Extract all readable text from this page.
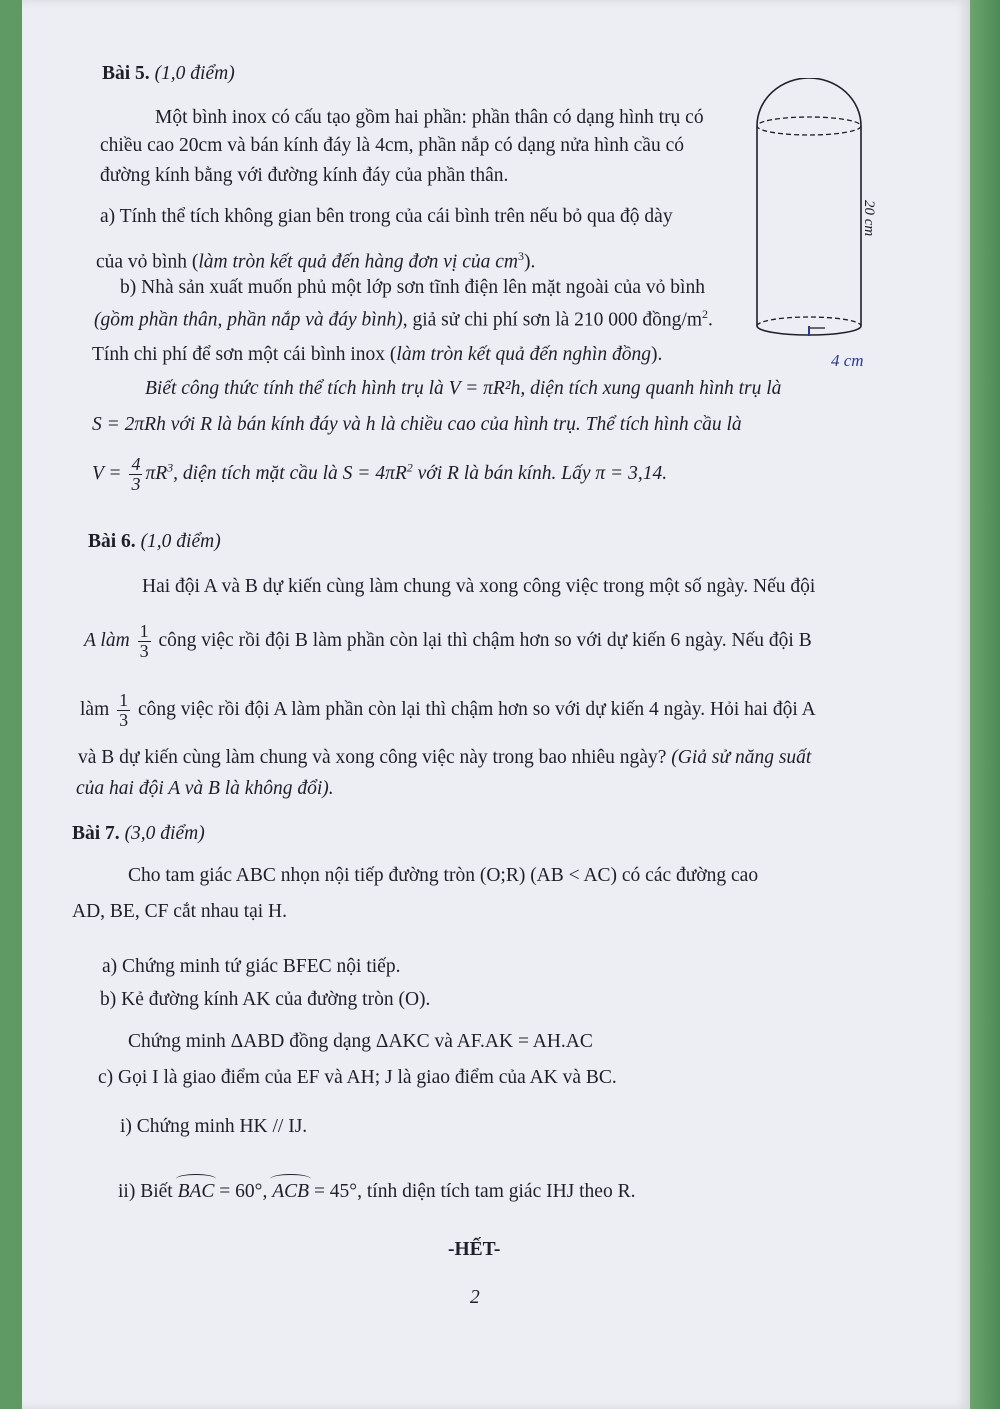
Bài 5. (1,0 điểm)
Một bình inox có cấu tạo gồm hai phần: phần thân có dạng hình trụ có
chiều cao 20cm và bán kính đáy là 4cm, phần nắp có dạng nửa hình cầu có
đường kính bằng với đường kính đáy của phần thân.
a) Tính thể tích không gian bên trong của cái bình trên nếu bỏ qua độ dày
của vỏ bình (làm tròn kết quả đến hàng đơn vị của $cm^3$).
b) Nhà sản xuất muốn phủ một lớp sơn tĩnh điện lên mặt ngoài của vỏ bình
(gồm phần thân, phần nắp và đáy bình), giả sử chi phí sơn là 210 000 đồng/$m^2$.
Tính chi phí để sơn một cái bình inox (làm tròn kết quả đến nghìn đồng).
Biết công thức tính thể tích hình trụ là V = πR²h, diện tích xung quanh hình trụ là
S = 2πRh với R là bán kính đáy và h là chiều cao của hình trụ. Thể tích hình cầu là
$V = \frac{4}{3} \pi R^3$, diện tích mặt cầu là $S = 4\pi R^2$ với R là bán kính. Lấy π = 3,14.
20 cm
4 cm
Bài 6. (1,0 điểm)
Hai đội A và B dự kiến cùng làm chung và xong công việc trong một số ngày. Nếu đội
A làm $\frac{1}{3}$ công việc rồi đội B làm phần còn lại thì chậm hơn so với dự kiến 6 ngày. Nếu đội B
làm $\frac{1}{3}$ công việc rồi đội A làm phần còn lại thì chậm hơn so với dự kiến 4 ngày. Hỏi hai đội A
và B dự kiến cùng làm chung và xong công việc này trong bao nhiêu ngày? (Giả sử năng suất
của hai đội A và B là không đổi).
Bài 7. (3,0 điểm)
Cho tam giác ABC nhọn nội tiếp đường tròn (O;R) (AB < AC) có các đường cao
AD, BE, CF cắt nhau tại H.
a) Chứng minh tứ giác BFEC nội tiếp.
b) Kẻ đường kính AK của đường tròn (O).
Chứng minh ΔABD đồng dạng ΔAKC và AF.AK = AH.AC
c) Gọi I là giao điểm của EF và AH; J là giao điểm của AK và BC.
i) Chứng minh HK // IJ.
ii) Biết BAC = 60°, ACB = 45°, tính diện tích tam giác IHJ theo R.
-HẾT-
2
